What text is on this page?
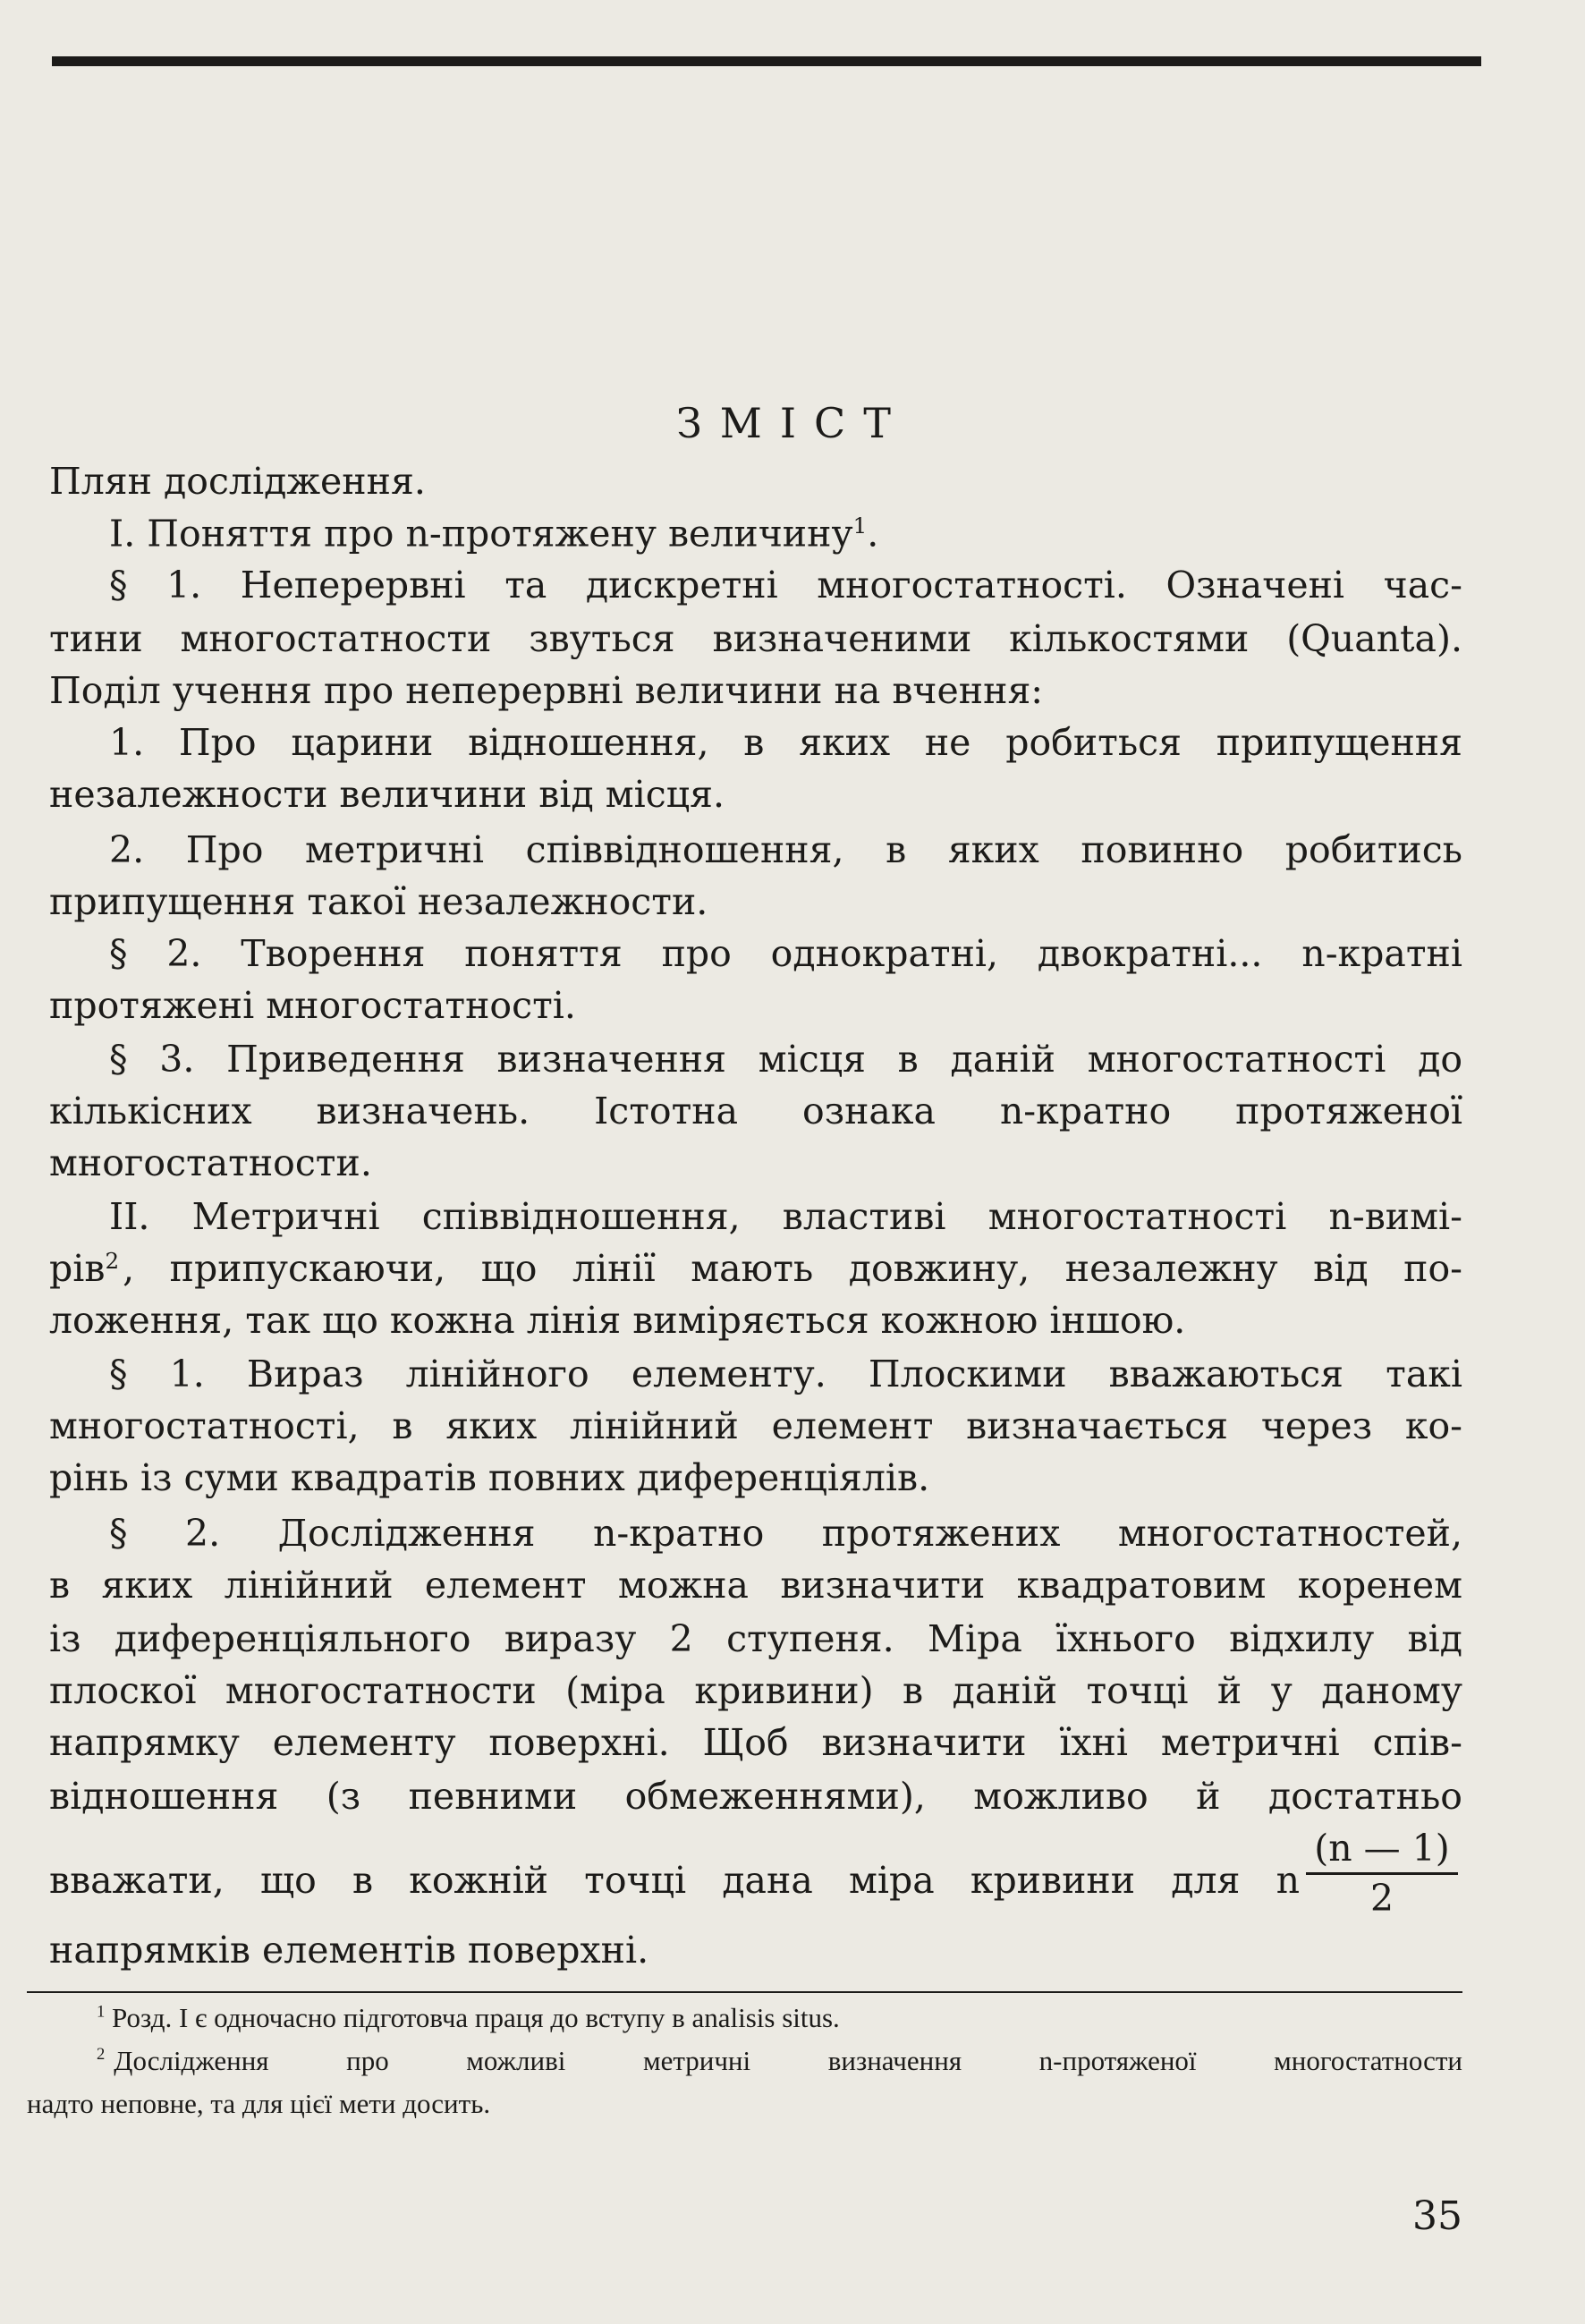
ЗМІСТ
Плян дослідження.
І. Поняття про n-протяжену величину$^1$.
§ 1. Неперервні та дискретні многостатності. Означені час-
тини многостатности звуться визначеними кількостями (Quanta).
Поділ учення про неперервні величини на вчення:
1. Про царини відношення, в яких не робиться припущення
незалежности величини від місця.
2. Про метричні співвідношення, в яких повинно робитись
припущення такої незалежности.
§ 2. Творення поняття про однократні, двократні... n-кратні
протяжені многостатності.
§ 3. Приведення визначення місця в даній многостатності до
кількісних визначень. Істотна ознака n-кратно протяженої
многостатности.
II. Метричні співвідношення, властиві многостатності n-вимі-
рів 2 , припускаючи, що лінії мають довжину, незалежну від по-
ложення, так що кожна лінія виміряється кожною іншою.
§ 1. Вираз лінійного елементу. Плоскими вважаються такі
многостатності, в яких лінійний елемент визначається через ко-
рінь із суми квадратів повних диференціялів.
§ 2. Дослідження n-кратно протяжених многостатностей,
в яких лінійний елемент можна визначити квадратовим коренем
із диференціяльного виразу 2 ступеня. Міра їхнього відхилу від
плоскої многостатности (міра кривини) в даній точці й у даному
напрямку елементу поверхні. Щоб визначити їхні метричні спів-
відношення (з певними обмеженнями), можливо й достатньо
вважати, що в кожній точці дана міра кривини для n $\frac{(n — 1)}{2}$
напрямків елементів поверхні.
$^1$ Розд. І є одночасно підготовча праця до вступу в analisis situs.
2 Дослідження про можливі метричні визначення n-протяженої многостатности
надто неповне, та для цієї мети досить.
35
